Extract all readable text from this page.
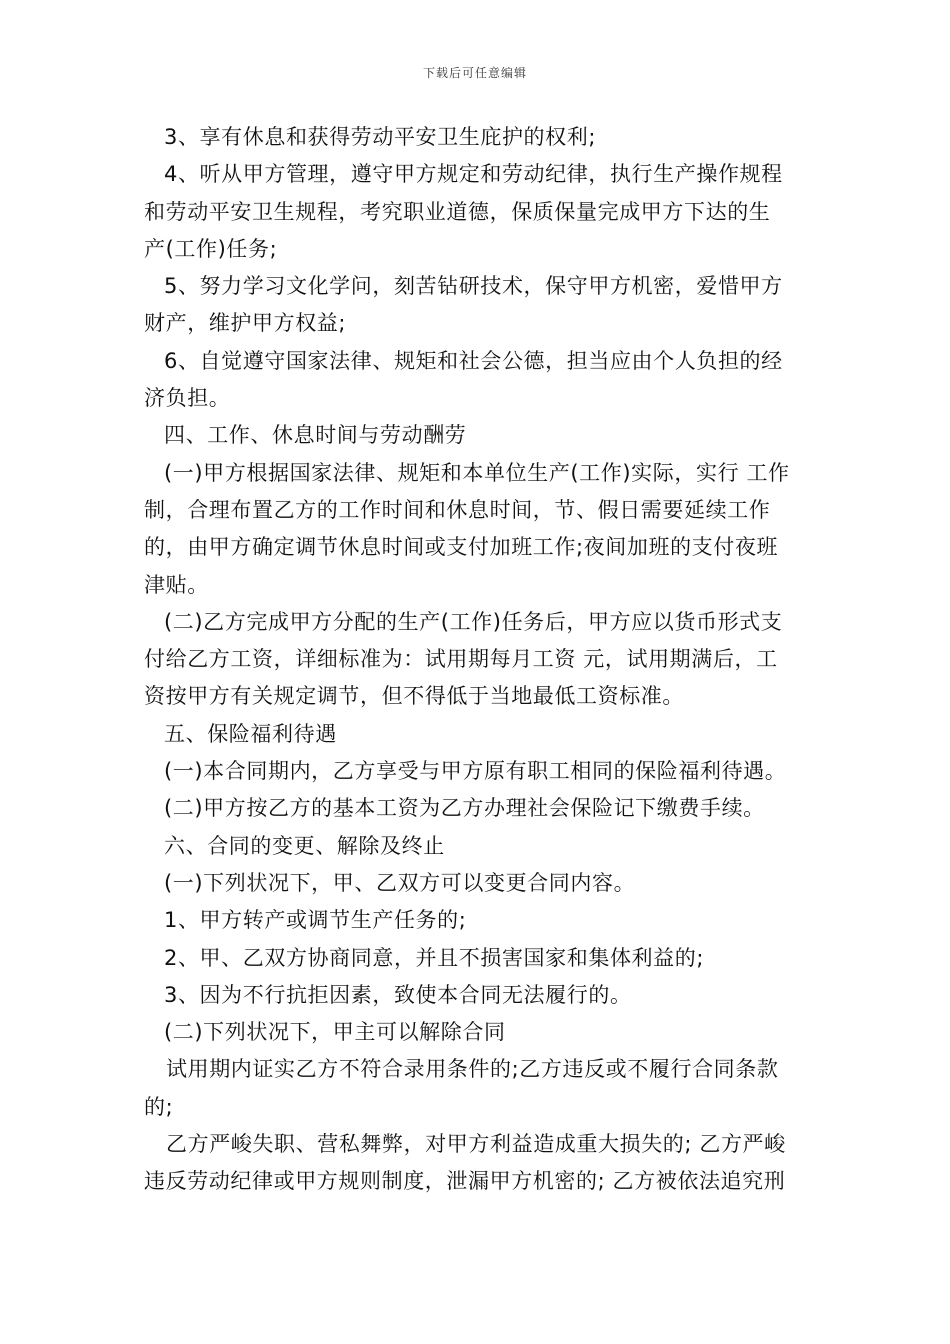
下载后可任意编辑
3、享有休息和获得劳动平安卫生庇护的权利;
4、听从甲方管理，遵守甲方规定和劳动纪律，执行生产操作规程
和劳动平安卫生规程，考究职业道德，保质保量完成甲方下达的生
产(工作)任务;
5、努力学习文化学问，刻苦钻研技术，保守甲方机密，爱惜甲方
财产，维护甲方权益;
6、自觉遵守国家法律、规矩和社会公德，担当应由个人负担的经
济负担。
四、工作、休息时间与劳动酬劳
(一)甲方根据国家法律、规矩和本单位生产(工作)实际，实行 工作
制，合理布置乙方的工作时间和休息时间，节、假日需要延续工作
的，由甲方确定调节休息时间或支付加班工作;夜间加班的支付夜班
津贴。
(二)乙方完成甲方分配的生产(工作)任务后，甲方应以货币形式支
付给乙方工资，详细标准为：试用期每月工资 元，试用期满后，工
资按甲方有关规定调节，但不得低于当地最低工资标准。
五、保险福利待遇
(一)本合同期内，乙方享受与甲方原有职工相同的保险福利待遇。
(二)甲方按乙方的基本工资为乙方办理社会保险记下缴费手续。
六、合同的变更、解除及终止
(一)下列状况下，甲、乙双方可以变更合同内容。
1、甲方转产或调节生产任务的;
2、甲、乙双方协商同意，并且不损害国家和集体利益的;
3、因为不行抗拒因素，致使本合同无法履行的。
(二)下列状况下，甲主可以解除合同
试用期内证实乙方不符合录用条件的;乙方违反或不履行合同条款
的;
乙方严峻失职、营私舞弊，对甲方利益造成重大损失的; 乙方严峻
违反劳动纪律或甲方规则制度，泄漏甲方机密的; 乙方被依法追究刑
